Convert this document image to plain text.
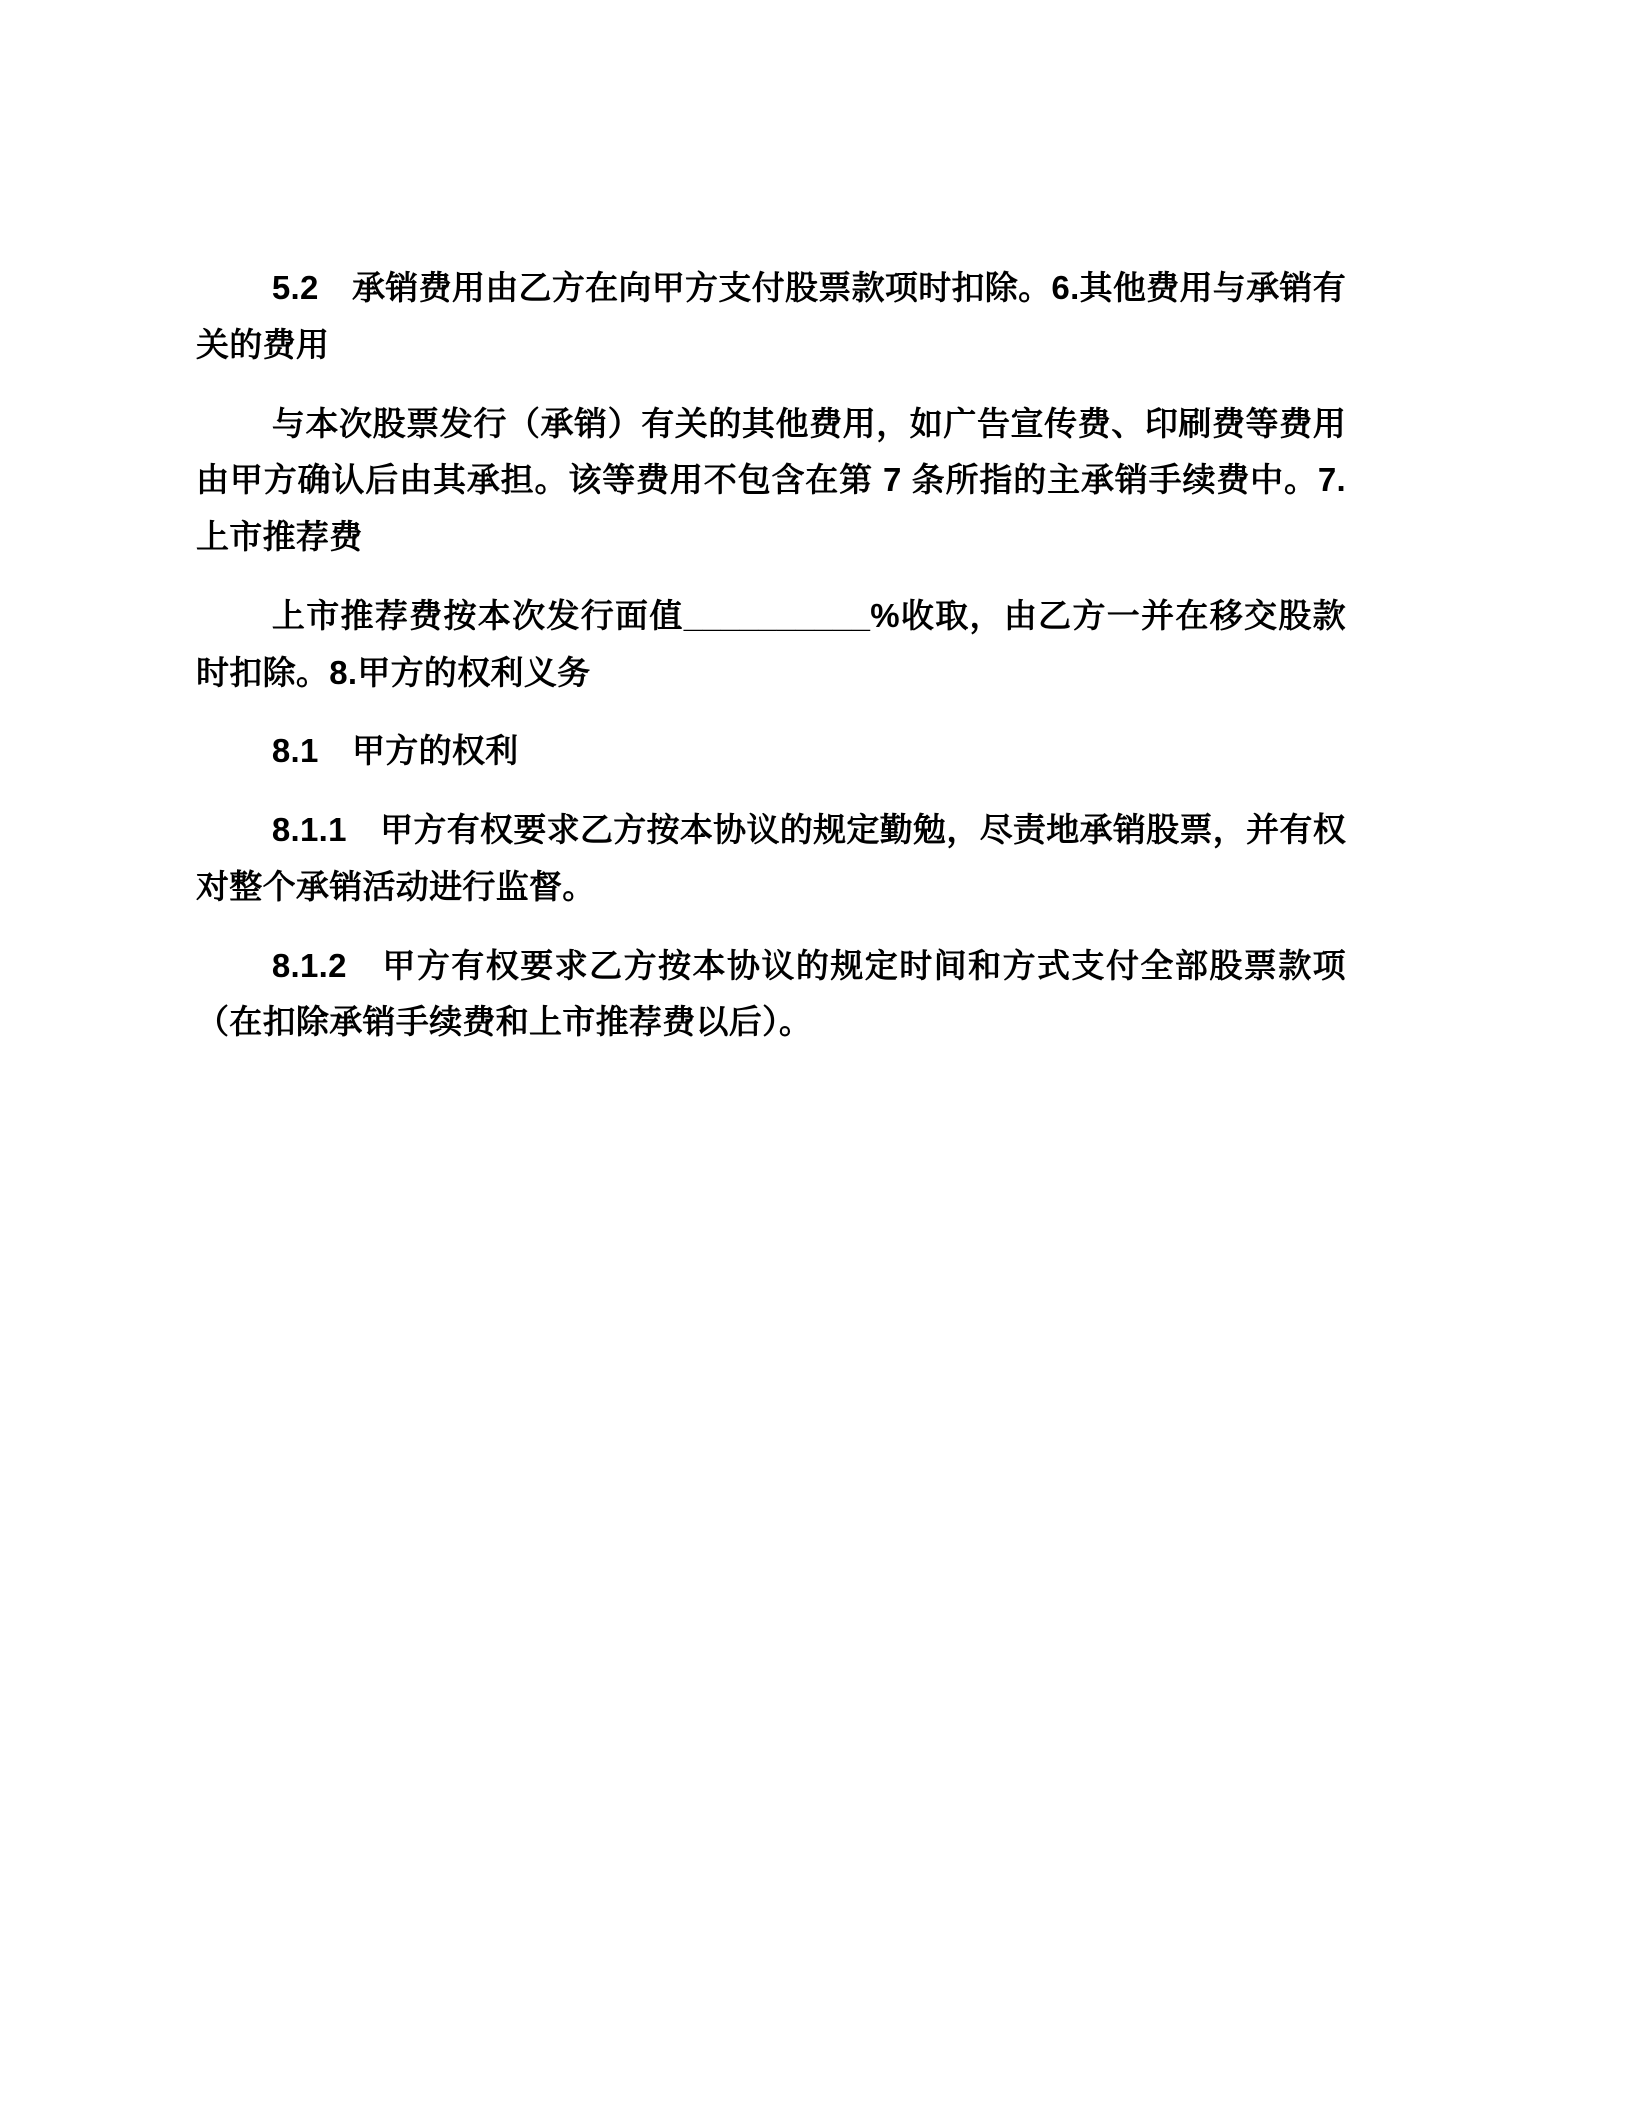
5.2　承销费用由乙方在向甲方支付股票款项时扣除。6.其他费用与承销有关的费用

与本次股票发行（承销）有关的其他费用，如广告宣传费、印刷费等费用由甲方确认后由其承担。该等费用不包含在第 7 条所指的主承销手续费中。7.上市推荐费

上市推荐费按本次发行面值__________%收取，由乙方一并在移交股款时扣除。8.甲方的权利义务

8.1　甲方的权利

8.1.1　甲方有权要求乙方按本协议的规定勤勉，尽责地承销股票，并有权对整个承销活动进行监督。

8.1.2　甲方有权要求乙方按本协议的规定时间和方式支付全部股票款项（在扣除承销手续费和上市推荐费以后）。
